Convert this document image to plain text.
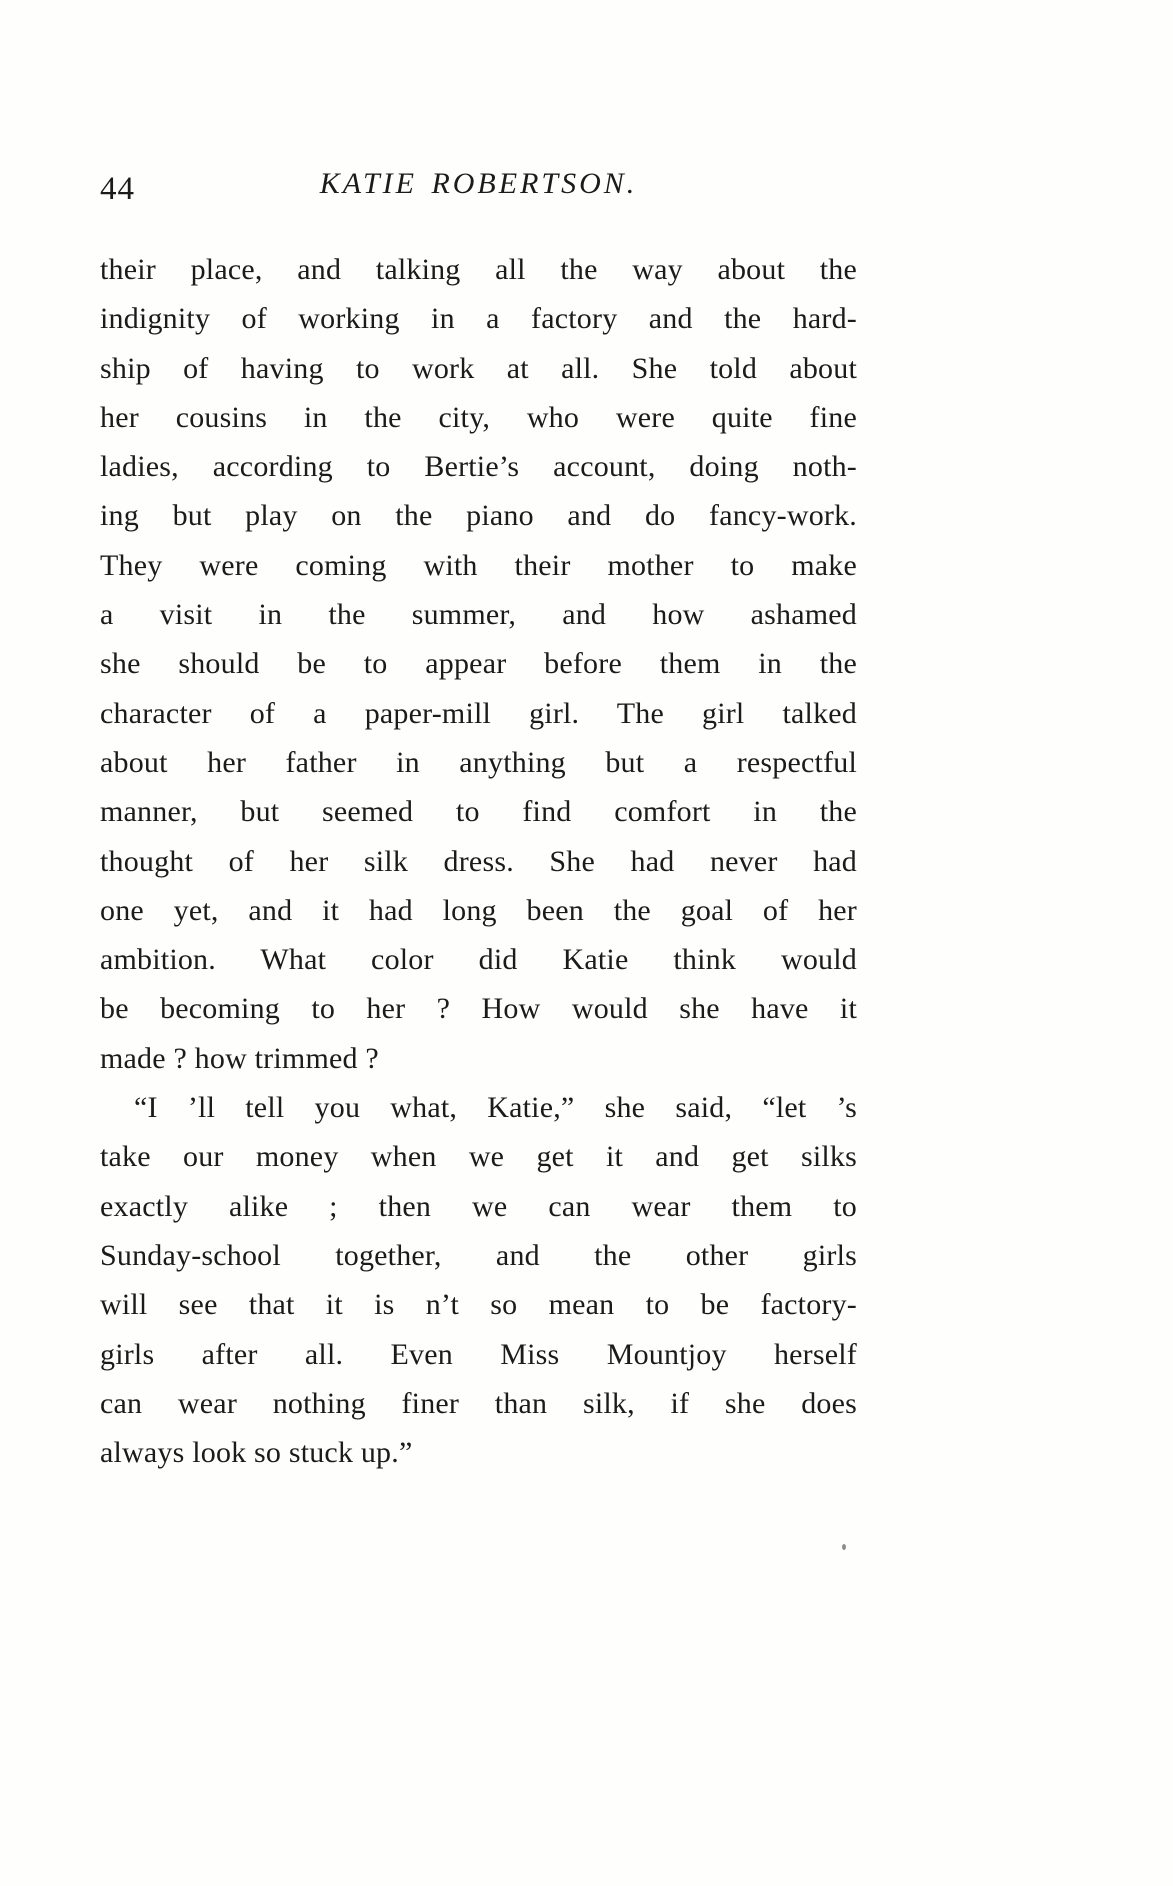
44	KATIE ROBERTSON.
their place, and talking all the way about the
indignity of working in a factory and the hard-
ship of having to work at all. She told about
her cousins in the city, who were quite fine
ladies, according to Bertie’s account, doing noth-
ing but play on the piano and do fancy-work.
They were coming with their mother to make
a visit in the summer, and how ashamed
she should be to appear before them in the
character of a paper-mill girl. The girl talked
about her father in anything but a respectful
manner, but seemed to find comfort in the
thought of her silk dress. She had never had
one yet, and it had long been the goal of her
ambition. What color did Katie think would
be becoming to her ? How would she have it
made ? how trimmed ?
“I ’ll tell you what, Katie,” she said, “let ’s
take our money when we get it and get silks
exactly alike ; then we can wear them to
Sunday-school together, and the other girls
will see that it is n’t so mean to be factory-
girls after all. Even Miss Mountjoy herself
can wear nothing finer than silk, if she does
always look so stuck up.”
